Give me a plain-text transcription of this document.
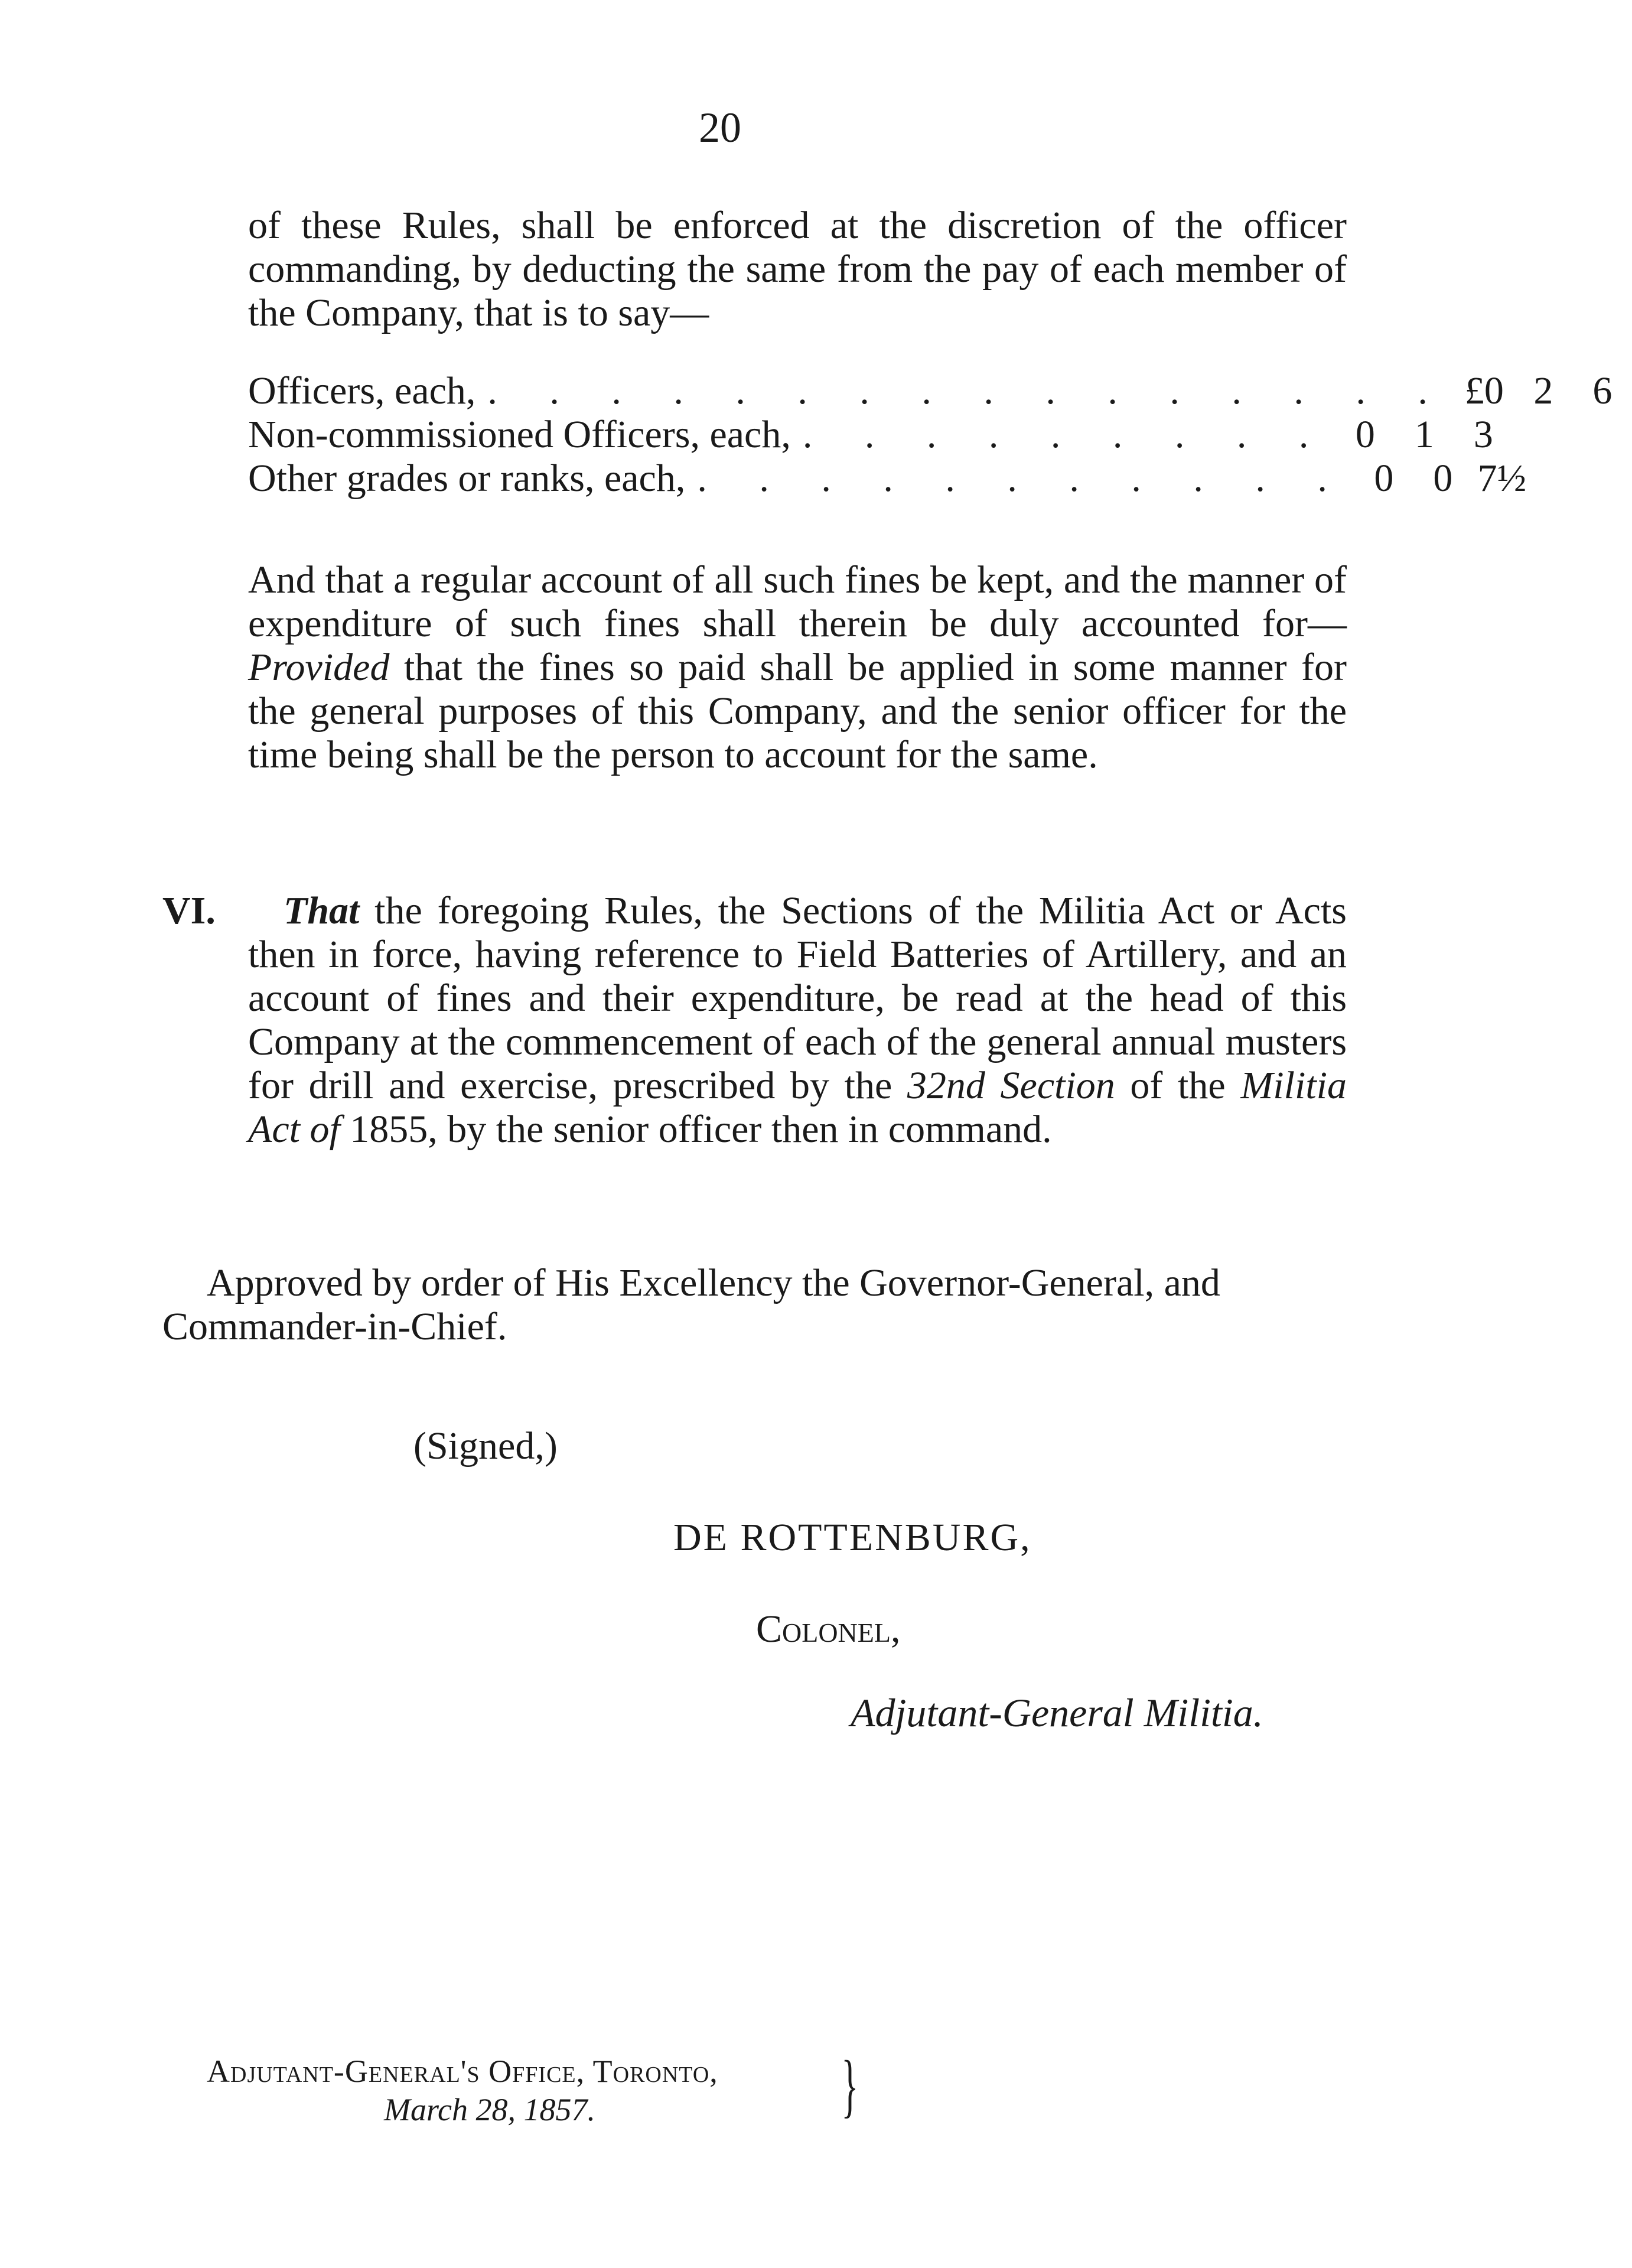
20
of these Rules, shall be enforced at the discretion of the officer commanding, by deducting the same from the pay of each member of the Company, that is to say—
Officers, each, . . . . . . . . . . . . . . . . £0 2	6
Non-commissioned Officers, each, . . . . . . . . . 0	1	3
Other grades or ranks, each, . . . . . . . . . . . 0	0 7½
And that a regular account of all such fines be kept, and the manner of expenditure of such fines shall therein be duly accounted for—Provided that the fines so paid shall be applied in some manner for the general purposes of this Company, and the senior officer for the time being shall be the person to account for the same.
VI.	That the foregoing Rules, the Sections of the Militia Act or Acts then in force, having reference to Field Batteries of Artillery, and an account of fines and their expenditure, be read at the head of this Company at the commencement of each of the general annual musters for drill and exercise, prescribed by the 32nd Section of the Militia Act of 1855, by the senior officer then in command.
Approved by order of His Excellency the Governor-General, and Commander-in-Chief.
(Signed,)
DE ROTTENBURG,
Colonel,
Adjutant-General Militia.
Adjutant-General's Office, Toronto,
March 28, 1857.	}
